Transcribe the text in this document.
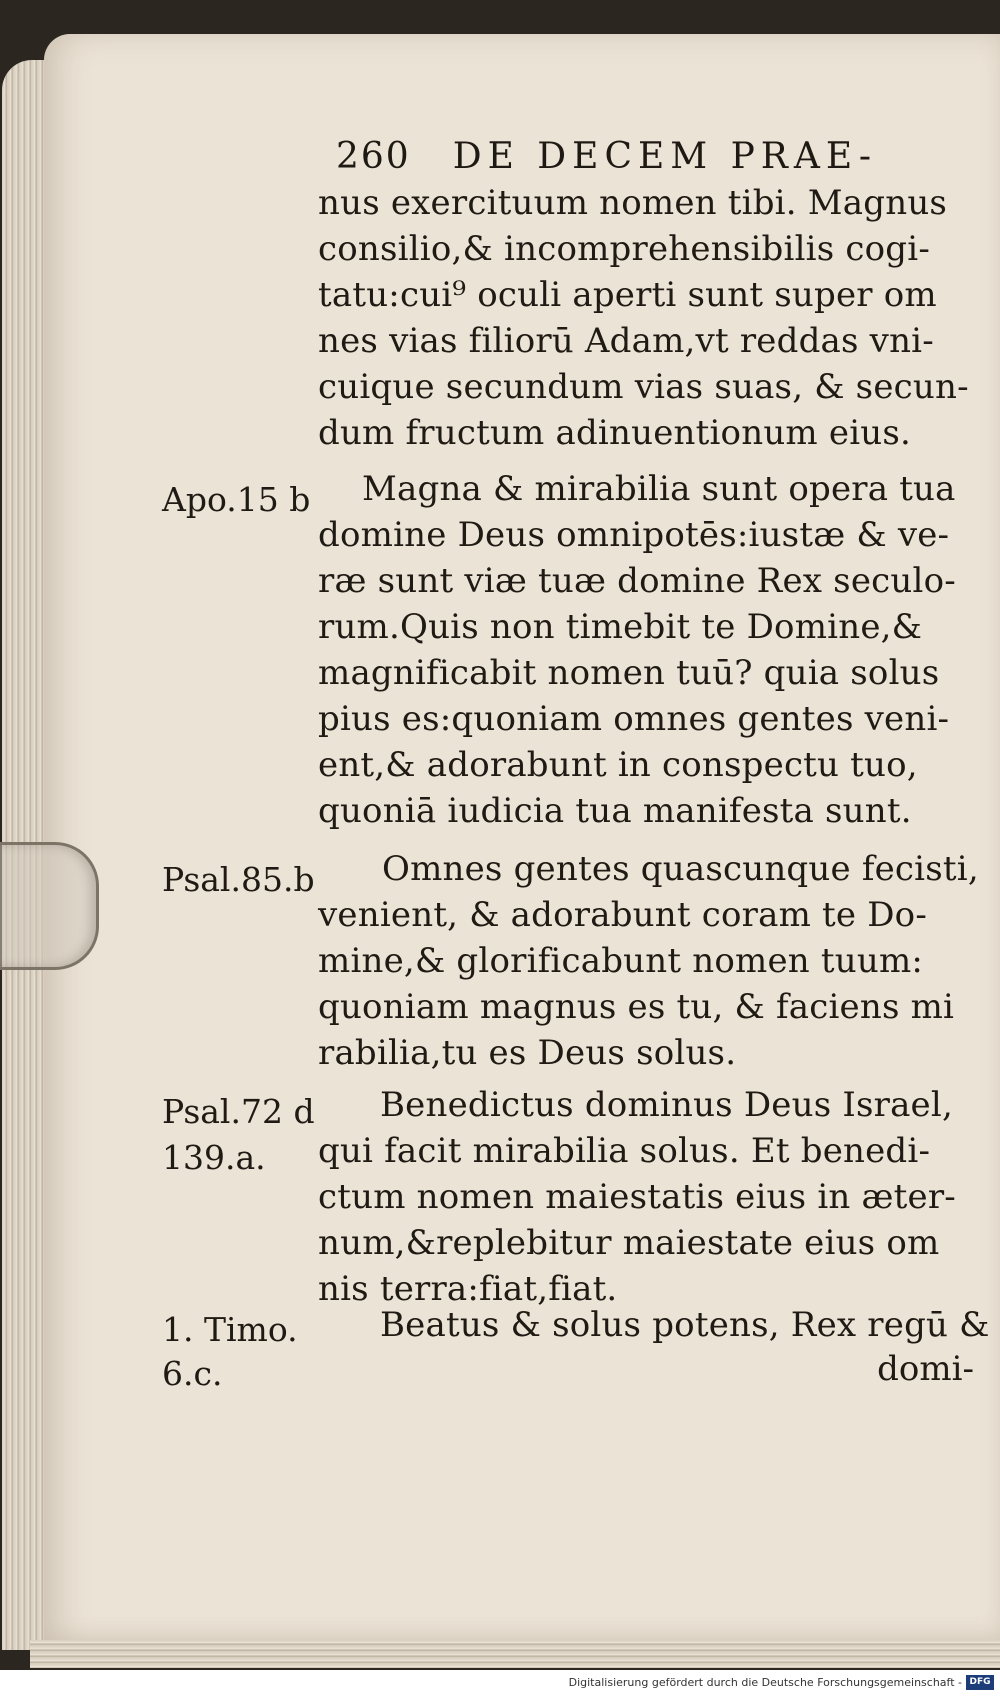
260 DE DECEM PRAE-
nus exercituum nomen tibi. Magnus
consilio,& incomprehensibilis cogi-
tatu:cui⁹ oculi aperti sunt super om
nes vias filiorū Adam,vt reddas vni-
cuique secundum vias suas, & secun-
dum fructum adinuentionum eius.
Magna & mirabilia sunt opera tua
domine Deus omnipotēs:iustæ & ve-
ræ sunt viæ tuæ domine Rex seculo-
rum.Quis non timebit te Domine,&
magnificabit nomen tuū? quia solus
pius es:quoniam omnes gentes veni-
ent,& adorabunt in conspectu tuo,
quoniā iudicia tua manifesta sunt.
Omnes gentes quascunque fecisti,
venient, & adorabunt coram te Do-
mine,& glorificabunt nomen tuum:
quoniam magnus es tu, & faciens mi
rabilia,tu es Deus solus.
Benedictus dominus Deus Israel,
qui facit mirabilia solus. Et benedi-
ctum nomen maiestatis eius in æter-
num,&replebitur maiestate eius om
nis terra:fiat,fiat.
Beatus & solus potens, Rex regū &
domi-
Apo.15 b
Psal.85.b
Psal.72 d
139.a.
1. Timo.
6.c.
Digitalisierung gefördert durch die Deutsche Forschungsgemeinschaft - DFG
